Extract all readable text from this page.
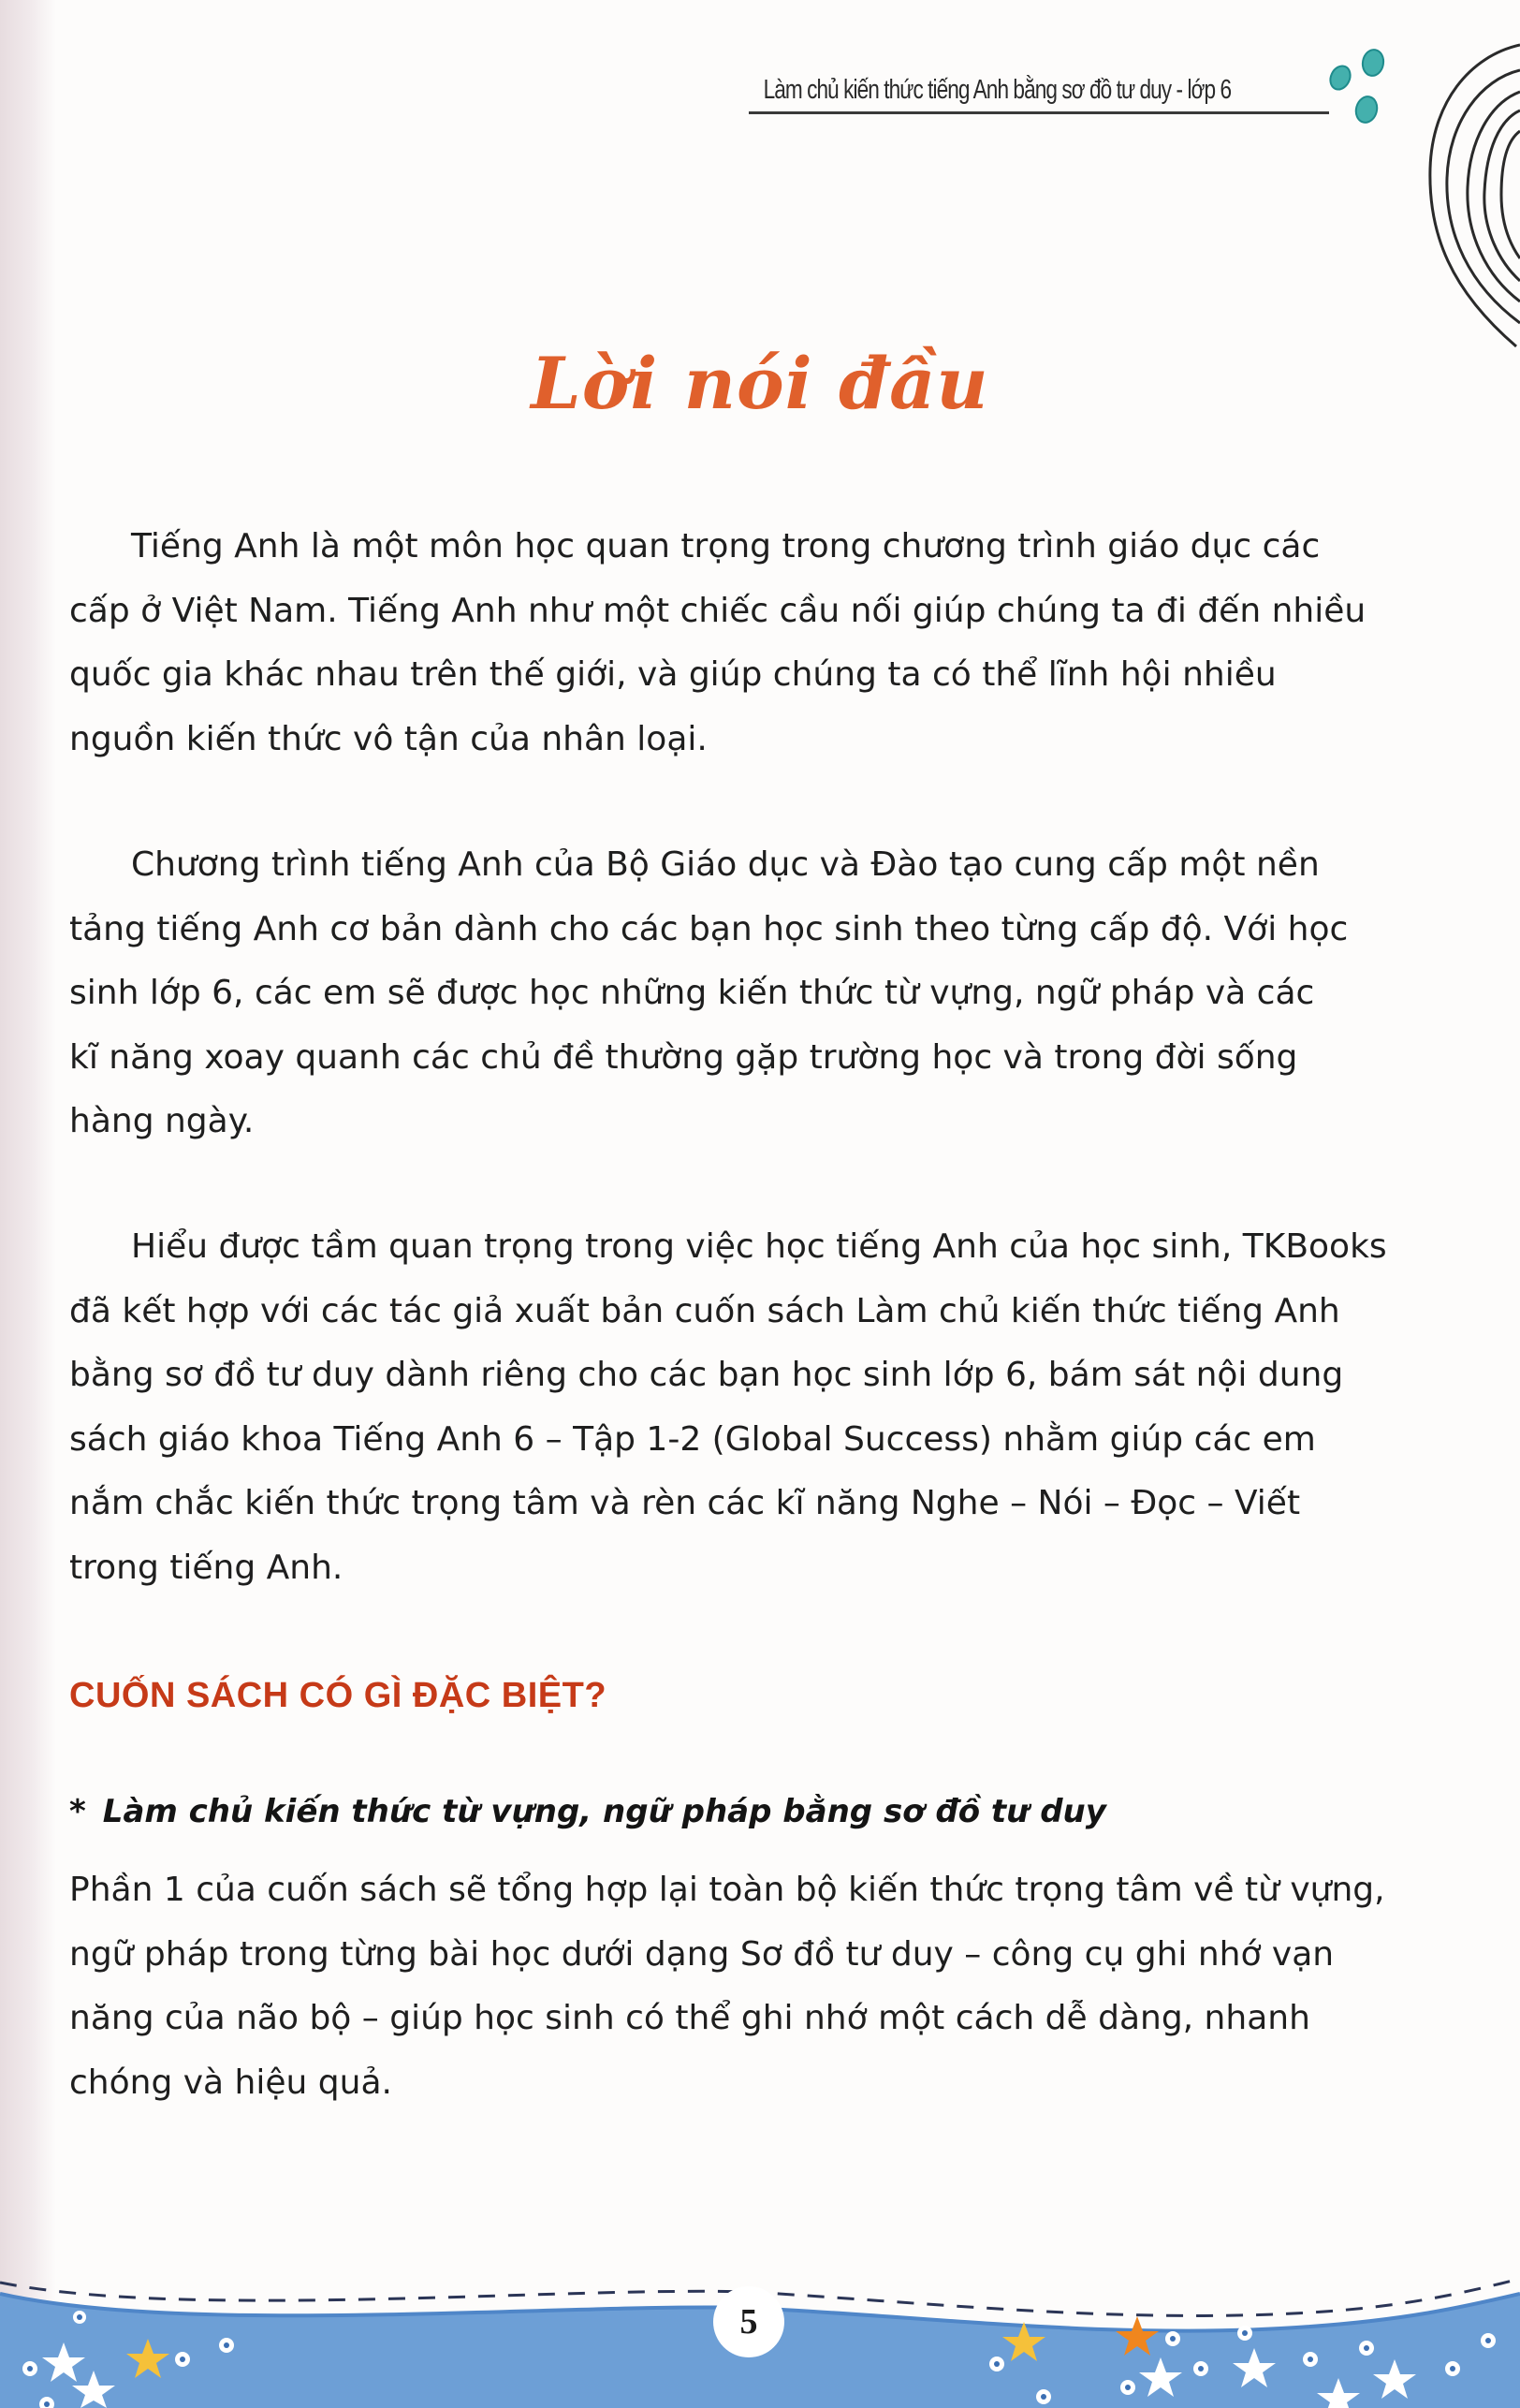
Làm chủ kiến thức tiếng Anh bằng sơ đồ tư duy - lớp 6
Lời nói đầu
Tiếng Anh là một môn học quan trọng trong chương trình giáo dục các
cấp ở Việt Nam. Tiếng Anh như một chiếc cầu nối giúp chúng ta đi đến nhiều
quốc gia khác nhau trên thế giới, và giúp chúng ta có thể lĩnh hội nhiều
nguồn kiến thức vô tận của nhân loại.
Chương trình tiếng Anh của Bộ Giáo dục và Đào tạo cung cấp một nền
tảng tiếng Anh cơ bản dành cho các bạn học sinh theo từng cấp độ. Với học
sinh lớp 6, các em sẽ được học những kiến thức từ vựng, ngữ pháp và các
kĩ năng xoay quanh các chủ đề thường gặp trường học và trong đời sống
hàng ngày.
Hiểu được tầm quan trọng trong việc học tiếng Anh của học sinh, TKBooks
đã kết hợp với các tác giả xuất bản cuốn sách Làm chủ kiến thức tiếng Anh
bằng sơ đồ tư duy dành riêng cho các bạn học sinh lớp 6, bám sát nội dung
sách giáo khoa Tiếng Anh 6 – Tập 1-2 (Global Success) nhằm giúp các em
nắm chắc kiến thức trọng tâm và rèn các kĩ năng Nghe – Nói – Đọc – Viết
trong tiếng Anh.
CUỐN SÁCH CÓ GÌ ĐẶC BIỆT?
* Làm chủ kiến thức từ vựng, ngữ pháp bằng sơ đồ tư duy
Phần 1 của cuốn sách sẽ tổng hợp lại toàn bộ kiến thức trọng tâm về từ vựng,
ngữ pháp trong từng bài học dưới dạng Sơ đồ tư duy – công cụ ghi nhớ vạn
năng của não bộ – giúp học sinh có thể ghi nhớ một cách dễ dàng, nhanh
chóng và hiệu quả.
5
